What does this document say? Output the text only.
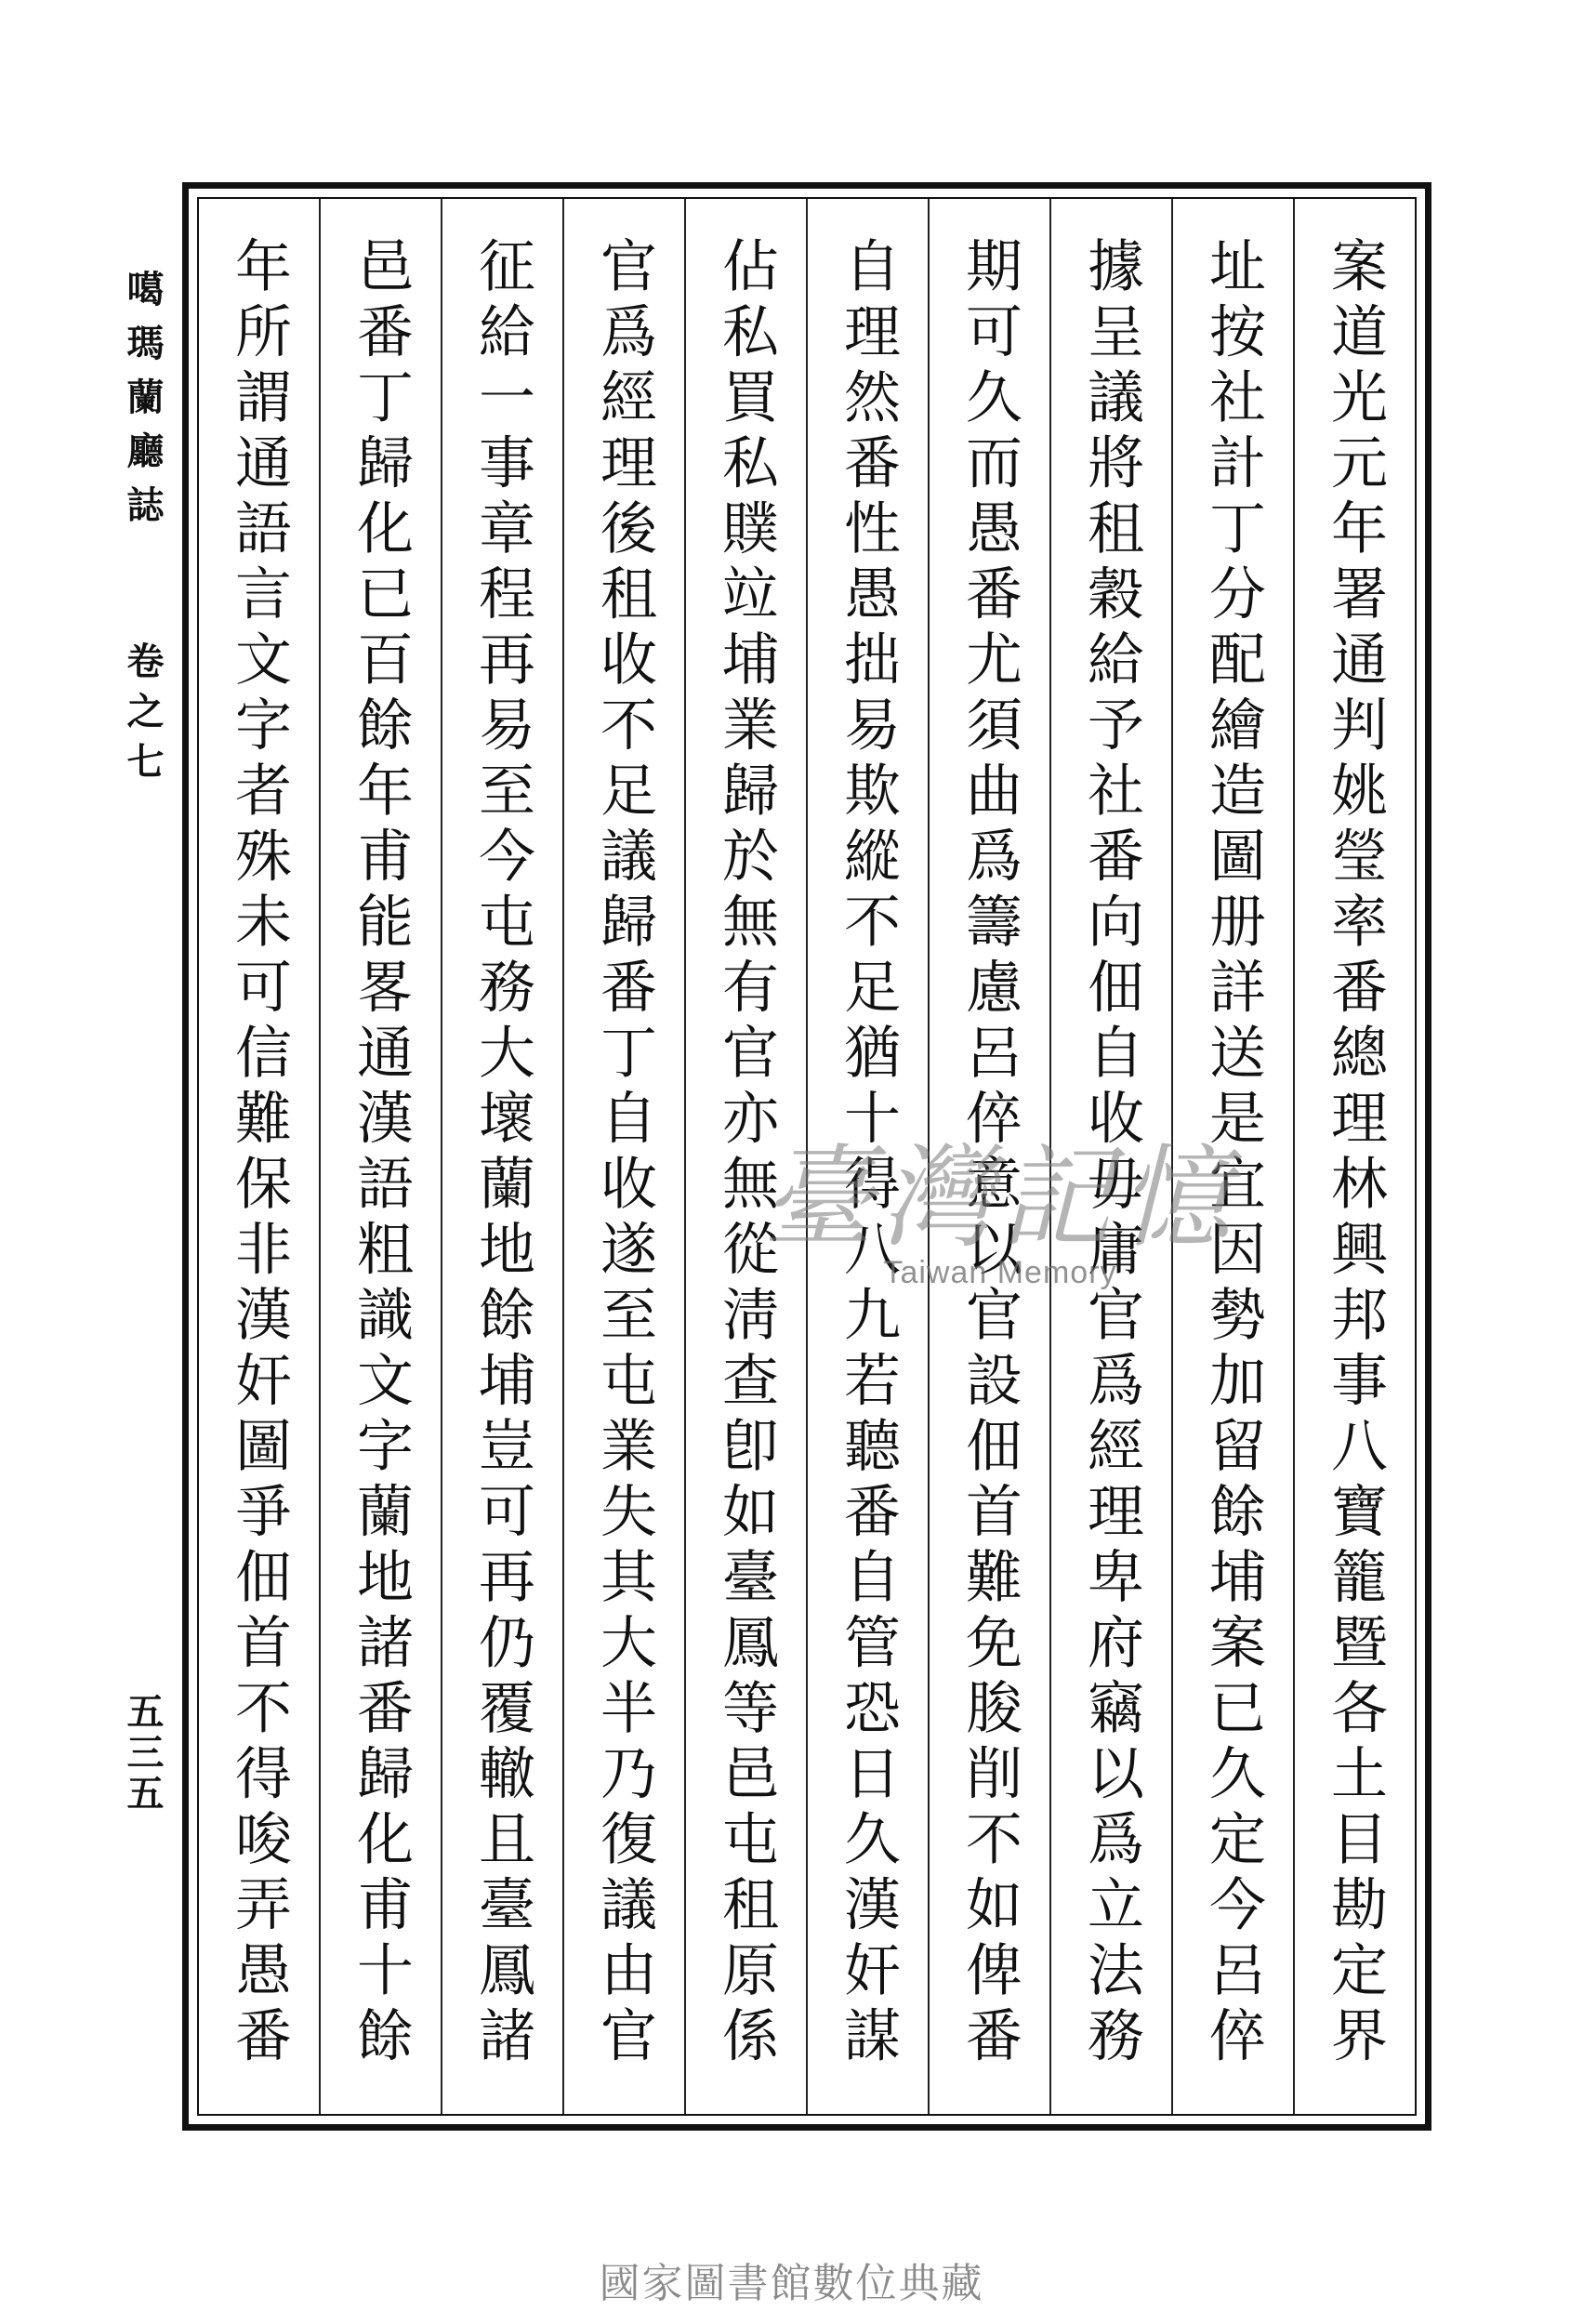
案道光元年署通判姚瑩率番總理林興邦事八寶籠暨各土目勘定界
址按社計丁分配繪造圖册詳送是宜因勢加留餘埔案已久定今呂倅
據呈議將租穀給予社番向佃自收毋庸官爲經理卑府竊以爲立法務
期可久而愚番尤須曲爲籌慮呂倅意以官設佃首難免朘削不如俾番
自理然番性愚拙易欺縱不足猶十得八九若聽番自管恐日久漢奸謀
佔私買私贌竝埔業歸於無有官亦無從淸查卽如臺鳳等邑屯租原係
官爲經理後租收不足議歸番丁自收遂至屯業失其大半乃復議由官
征給一事章程再易至今屯務大壞蘭地餘埔豈可再仍覆轍且臺鳳諸
邑番丁歸化已百餘年甫能畧通漢語粗識文字蘭地諸番歸化甫十餘
年所謂通語言文字者殊未可信難保非漢奸圖爭佃首不得唆弄愚番
噶瑪蘭廳誌
卷之七
五三五
臺灣記憶
Taiwan Memory
國家圖書館數位典藏
